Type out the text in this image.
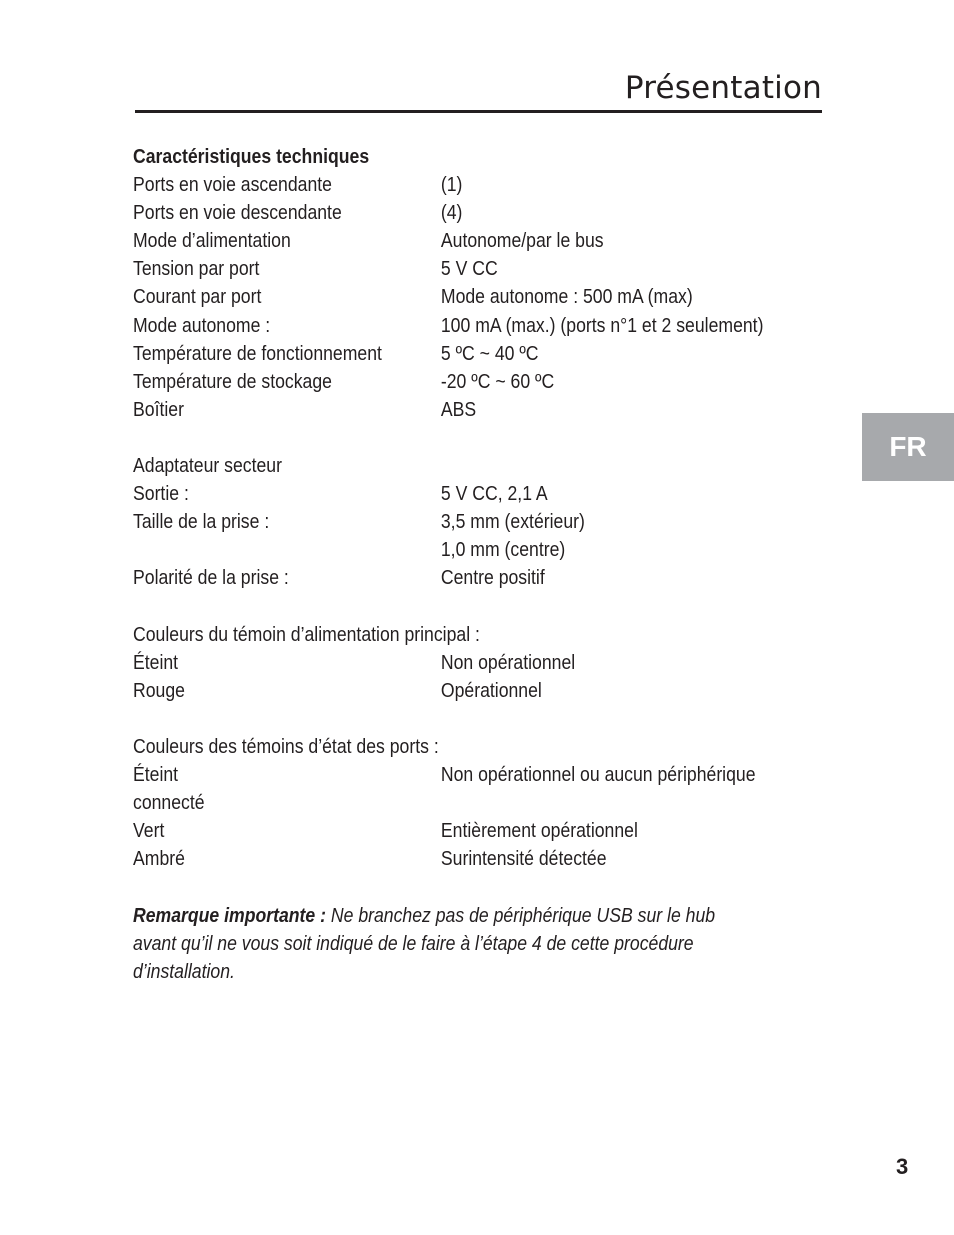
Présentation
FR
Caractéristiques techniques
Ports en voie ascendante	(1)
Ports en voie descendante	(4)
Mode d’alimentation	Autonome/par le bus
Tension par port	5 V CC
Courant par port	Mode autonome : 500 mA (max)
Mode autonome :	100 mA (max.) (ports n°1 et 2 seulement)
Température de fonctionnement	5 ºC ~ 40 ºC
Température de stockage	-20 ºC ~ 60 ºC
Boîtier	ABS
Adaptateur secteur
Sortie :	5 V CC, 2,1 A
Taille de la prise :	3,5 mm (extérieur)
1,0 mm (centre)
Polarité de la prise :	Centre positif
Couleurs du témoin d’alimentation principal :
Éteint	Non opérationnel
Rouge	Opérationnel
Couleurs des témoins d’état des ports :
Éteint	Non opérationnel ou aucun périphérique
connecté
Vert	Entièrement opérationnel
Ambré	Surintensité détectée
Remarque importante : Ne branchez pas de périphérique USB sur le hub
avant qu’il ne vous soit indiqué de le faire à l’étape 4 de cette procédure
d’installation.
3
